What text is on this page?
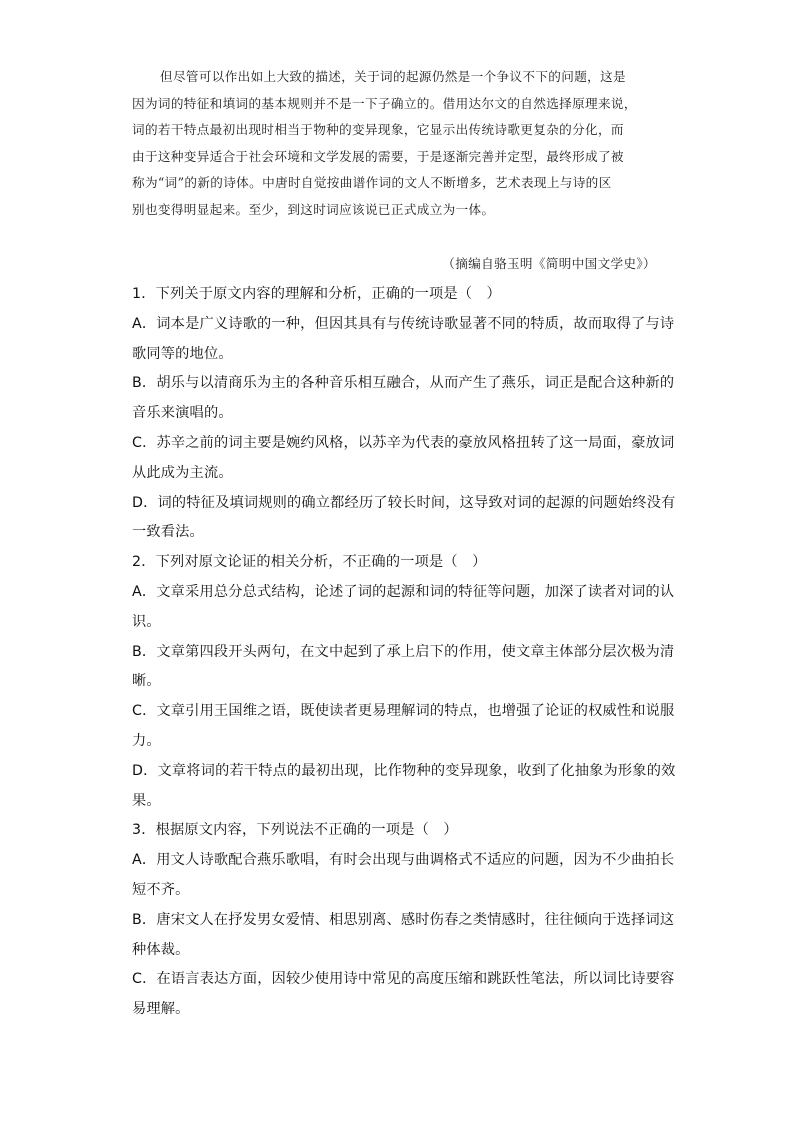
但尽管可以作出如上大致的描述，关于词的起源仍然是一个争议不下的问题，这是
因为词的特征和填词的基本规则并不是一下子确立的。借用达尔文的自然选择原理来说，
词的若干特点最初出现时相当于物种的变异现象，它显示出传统诗歌更复杂的分化，而
由于这种变异适合于社会环境和文学发展的需要，于是逐渐完善并定型，最终形成了被
称为“词”的新的诗体。中唐时自觉按曲谱作词的文人不断增多，艺术表现上与诗的区
别也变得明显起来。至少，到这时词应该说已正式成立为一体。
（摘编自骆玉明《简明中国文学史》）
1．下列关于原文内容的理解和分析，正确的一项是（　）
A．词本是广义诗歌的一种，但因其具有与传统诗歌显著不同的特质，故而取得了与诗
歌同等的地位。
B．胡乐与以清商乐为主的各种音乐相互融合，从而产生了燕乐，词正是配合这种新的
音乐来演唱的。
C．苏辛之前的词主要是婉约风格，以苏辛为代表的豪放风格扭转了这一局面，豪放词
从此成为主流。
D．词的特征及填词规则的确立都经历了较长时间，这导致对词的起源的问题始终没有
一致看法。
2．下列对原文论证的相关分析，不正确的一项是（　）
A．文章采用总分总式结构，论述了词的起源和词的特征等问题，加深了读者对词的认
识。
B．文章第四段开头两句，在文中起到了承上启下的作用，使文章主体部分层次极为清
晰。
C．文章引用王国维之语，既使读者更易理解词的特点，也增强了论证的权威性和说服
力。
D．文章将词的若干特点的最初出现，比作物种的变异现象，收到了化抽象为形象的效
果。
3．根据原文内容，下列说法不正确的一项是（　）
A．用文人诗歌配合燕乐歌唱，有时会出现与曲调格式不适应的问题，因为不少曲拍长
短不齐。
B．唐宋文人在抒发男女爱情、相思别离、感时伤春之类情感时，往往倾向于选择词这
种体裁。
C．在语言表达方面，因较少使用诗中常见的高度压缩和跳跃性笔法，所以词比诗要容
易理解。
